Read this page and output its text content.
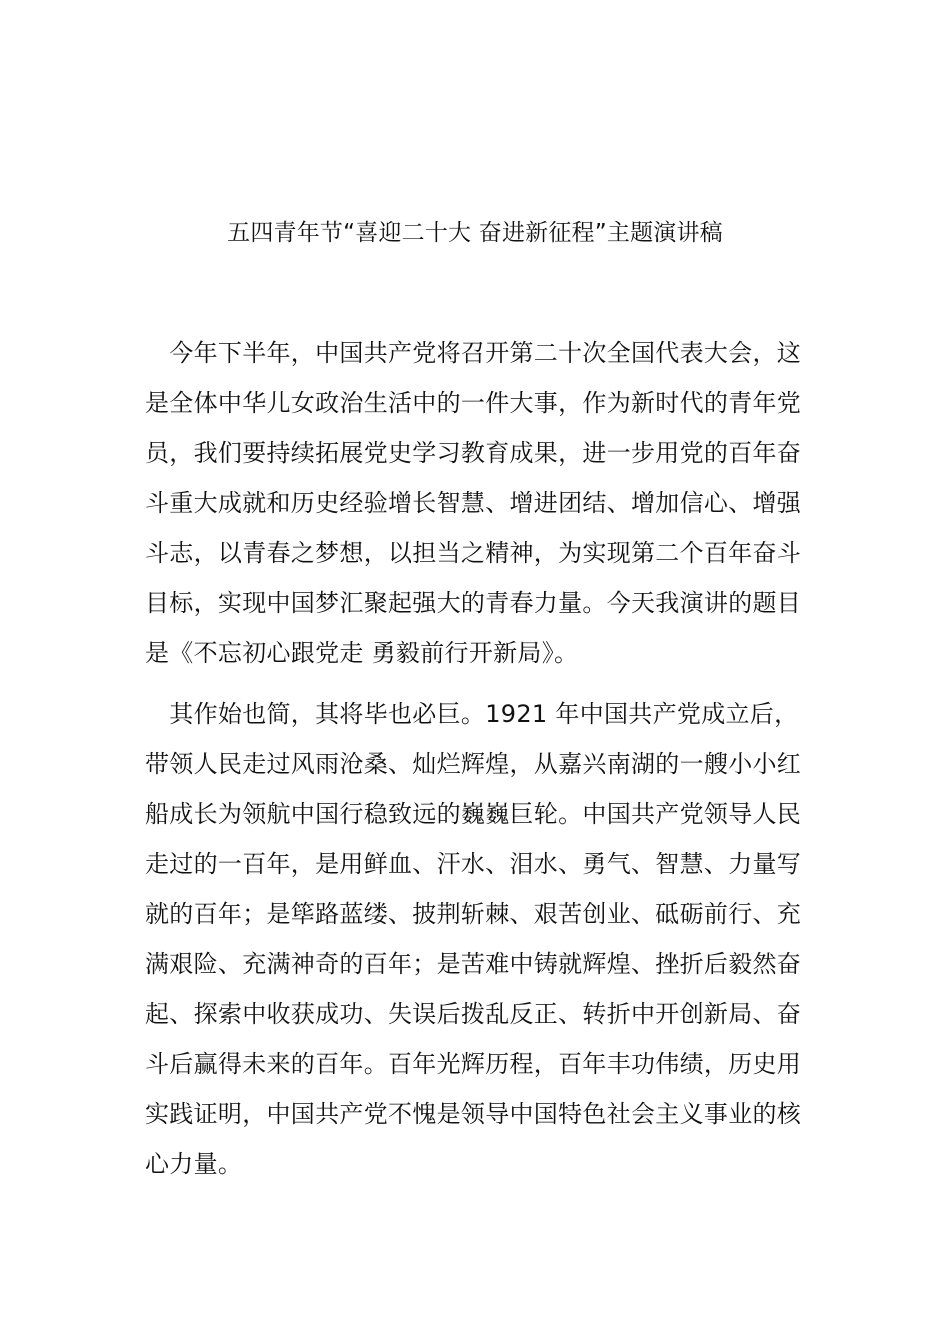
五四青年节“喜迎二十大 奋进新征程”主题演讲稿
　今年下半年，中国共产党将召开第二十次全国代表大会，这
是全体中华儿女政治生活中的一件大事，作为新时代的青年党
员，我们要持续拓展党史学习教育成果，进一步用党的百年奋
斗重大成就和历史经验增长智慧、增进团结、增加信心、增强
斗志，以青春之梦想，以担当之精神，为实现第二个百年奋斗
目标，实现中国梦汇聚起强大的青春力量。今天我演讲的题目
是《不忘初心跟党走 勇毅前行开新局》。
　其作始也简，其将毕也必巨。1921 年中国共产党成立后，
带领人民走过风雨沧桑、灿烂辉煌，从嘉兴南湖的一艘小小红
船成长为领航中国行稳致远的巍巍巨轮。中国共产党领导人民
走过的一百年，是用鲜血、汗水、泪水、勇气、智慧、力量写
就的百年；是筚路蓝缕、披荆斩棘、艰苦创业、砥砺前行、充
满艰险、充满神奇的百年；是苦难中铸就辉煌、挫折后毅然奋
起、探索中收获成功、失误后拨乱反正、转折中开创新局、奋
斗后赢得未来的百年。百年光辉历程，百年丰功伟绩，历史用
实践证明，中国共产党不愧是领导中国特色社会主义事业的核
心力量。
